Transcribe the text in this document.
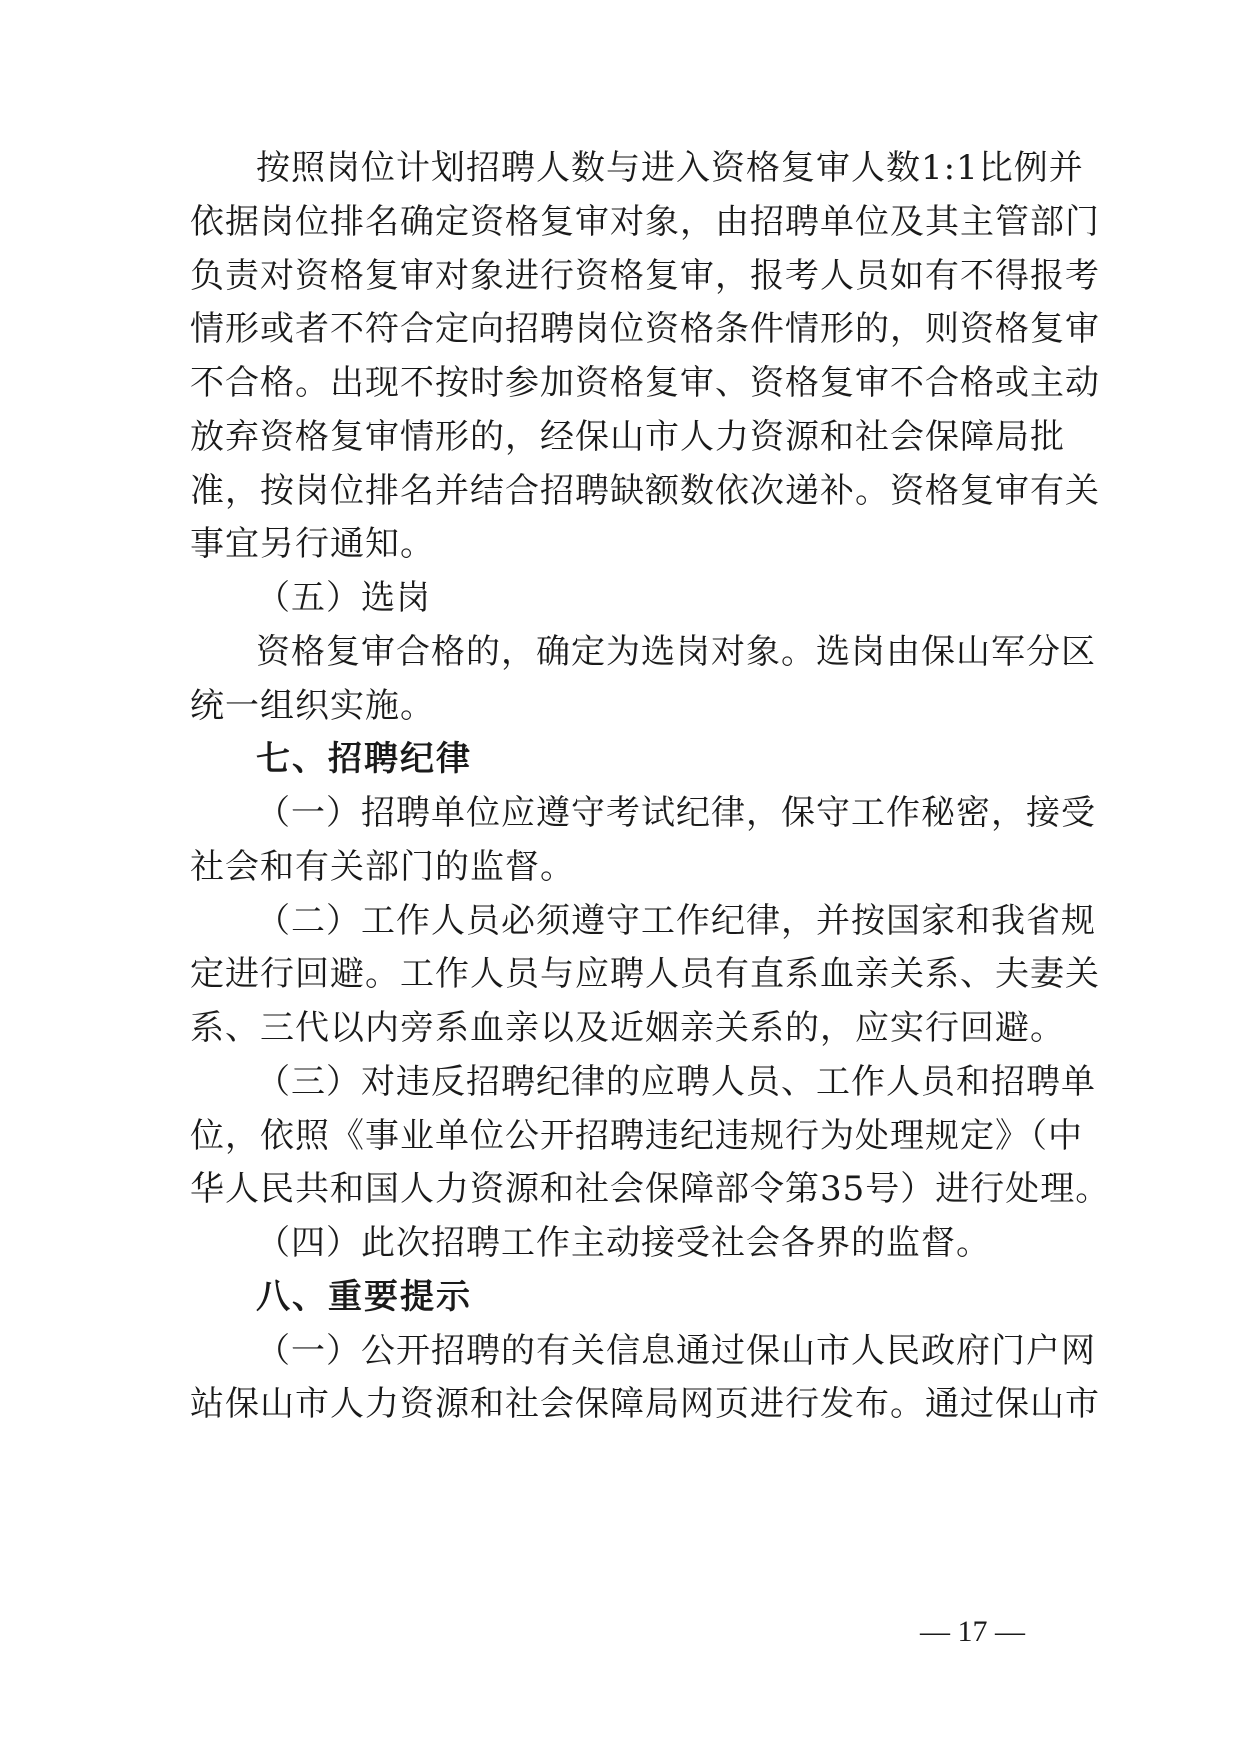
按照岗位计划招聘人数与进入资格复审人数1:1比例并
依据岗位排名确定资格复审对象，由招聘单位及其主管部门
负责对资格复审对象进行资格复审，报考人员如有不得报考
情形或者不符合定向招聘岗位资格条件情形的，则资格复审
不合格。出现不按时参加资格复审、资格复审不合格或主动
放弃资格复审情形的，经保山市人力资源和社会保障局批
准，按岗位排名并结合招聘缺额数依次递补。资格复审有关
事宜另行通知。
（五）选岗
资格复审合格的，确定为选岗对象。选岗由保山军分区
统一组织实施。
七、招聘纪律
（一）招聘单位应遵守考试纪律，保守工作秘密，接受
社会和有关部门的监督。
（二）工作人员必须遵守工作纪律，并按国家和我省规
定进行回避。工作人员与应聘人员有直系血亲关系、夫妻关
系、三代以内旁系血亲以及近姻亲关系的，应实行回避。
（三）对违反招聘纪律的应聘人员、工作人员和招聘单
位，依照《事业单位公开招聘违纪违规行为处理规定》（中
华人民共和国人力资源和社会保障部令第35号）进行处理。
（四）此次招聘工作主动接受社会各界的监督。
八、重要提示
（一）公开招聘的有关信息通过保山市人民政府门户网
站保山市人力资源和社会保障局网页进行发布。通过保山市
— 17 —
